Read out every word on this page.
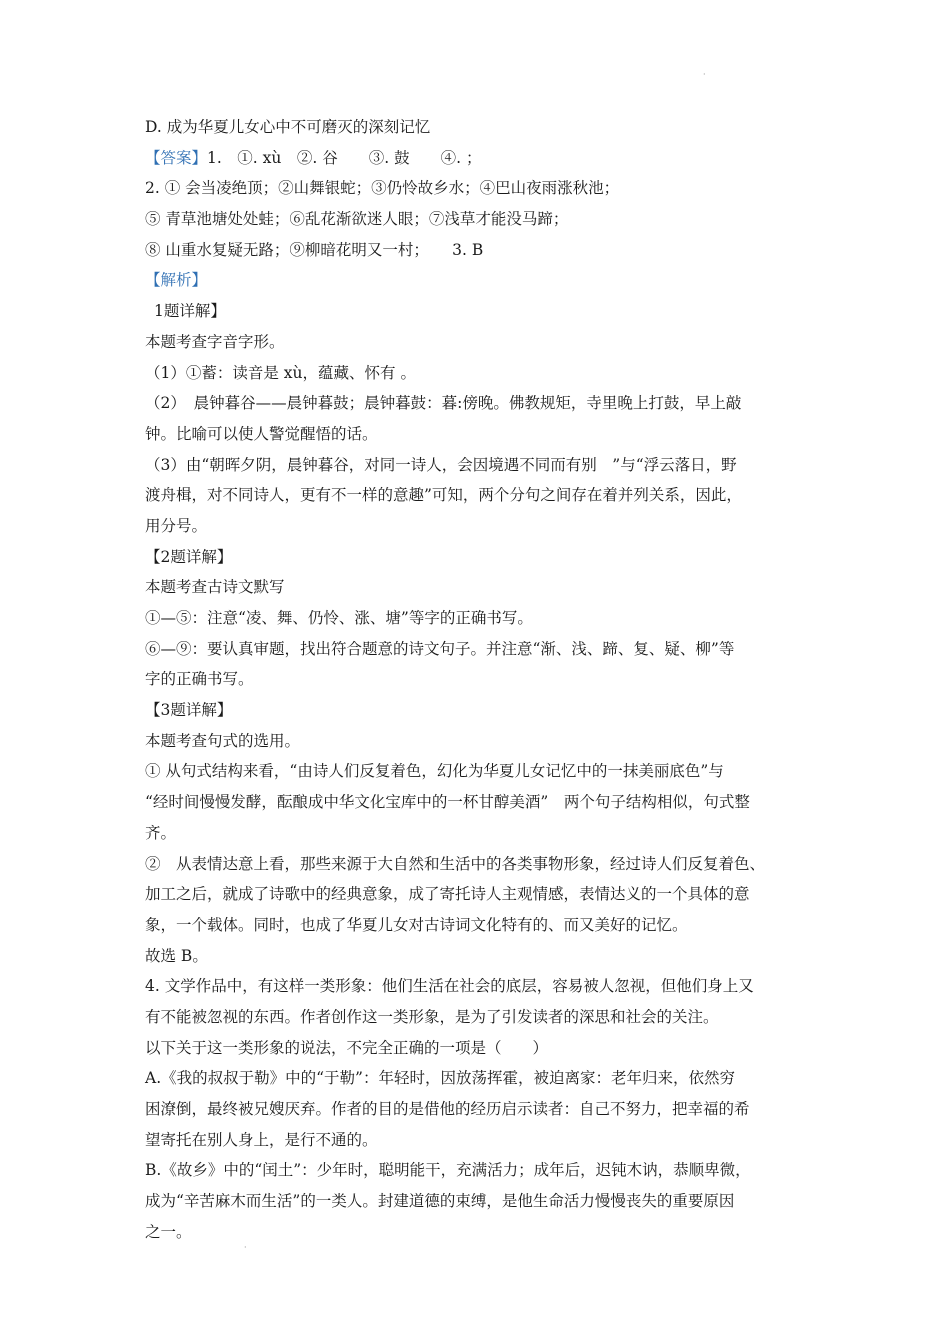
·
D. 成为华夏儿女心中不可磨灭的深刻记忆
【答案】1.　①. xù　②. 谷　　③. 鼓　　④. ；
2. ① 会当凌绝顶；②山舞银蛇；③仍怜故乡水；④巴山夜雨涨秋池；
⑤ 青草池塘处处蛙；⑥乱花渐欲迷人眼；⑦浅草才能没马蹄；
⑧ 山重水复疑无路；⑨柳暗花明又一村；　　3. B
【解析】
1题详解】
本题考查字音字形。
（1）①蓄：读音是 xù，蕴藏、怀有 。
（2）　晨钟暮谷——晨钟暮鼓；晨钟暮鼓：暮:傍晚。佛教规矩，寺里晚上打鼓，早上敲
钟。比喻可以使人警觉醒悟的话。
（3）由“朝晖夕阴，晨钟暮谷，对同一诗人，会因境遇不同而有别　”与“浮云落日，野
渡舟楫，对不同诗人，更有不一样的意趣”可知，两个分句之间存在着并列关系，因此，
用分号。
【2题详解】
本题考查古诗文默写
①—⑤：注意“凌、舞、仍怜、涨、塘”等字的正确书写。
⑥—⑨：要认真审题，找出符合题意的诗文句子。并注意“渐、浅、蹄、复、疑、柳”等
字的正确书写。
【3题详解】
本题考查句式的选用。
① 从句式结构来看，“由诗人们反复着色，幻化为华夏儿女记忆中的一抹美丽底色”与
“经时间慢慢发酵，酝酿成中华文化宝库中的一杯甘醇美酒”　两个句子结构相似，句式整
齐。
②　从表情达意上看，那些来源于大自然和生活中的各类事物形象，经过诗人们反复着色、
加工之后，就成了诗歌中的经典意象，成了寄托诗人主观情感，表情达义的一个具体的意
象，一个载体。同时，也成了华夏儿女对古诗词文化特有的、而又美好的记忆。
故选 B。
4. 文学作品中，有这样一类形象：他们生活在社会的底层，容易被人忽视，但他们身上又
有不能被忽视的东西。作者创作这一类形象，是为了引发读者的深思和社会的关注。
以下关于这一类形象的说法，不完全正确的一项是（　　）
A.《我的叔叔于勒》中的“于勒”：年轻时，因放荡挥霍，被迫离家：老年归来，依然穷
困潦倒，最终被兄嫂厌弃。作者的目的是借他的经历启示读者：自己不努力，把幸福的希
望寄托在别人身上，是行不通的。
B.《故乡》中的“闰土”：少年时，聪明能干，充满活力；成年后，迟钝木讷，恭顺卑微，
成为“辛苦麻木而生活”的一类人。封建道德的束缚，是他生命活力慢慢丧失的重要原因
之一。
·
